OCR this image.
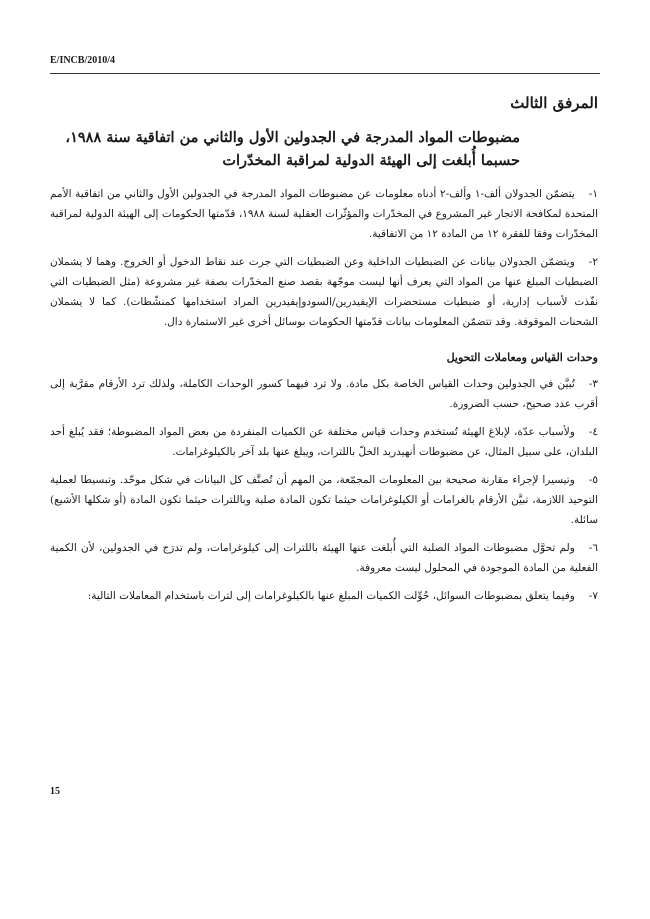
E/INCB/2010/4
المرفق الثالث
مضبوطات المواد المدرجة في الجدولين الأول والثاني من اتفاقية سنة ١٩٨٨، حسبما أُبلغت إلى الهيئة الدولية لمراقبة المخدّرات

١-يتضمّن الجدولان ألف-١ وألف-٢ أدناه معلومات عن مضبوطات المواد المدرجة في الجدولين الأول والثاني من اتفاقية الأمم المتحدة لمكافحة الاتجار غير المشروع في المخدّرات والمؤثّرات العقلية لسنة ١٩٨٨، قدّمتها الحكومات إلى الهيئة الدولية لمراقبة المخدّرات وفقا للفقرة ١٢ من المادة ١٢ من الاتفاقية.

٢-ويتضمّن الجدولان بيانات عن الضبطيات الداخلية وعن الضبطيات التي جرت عند نقاط الدخول أو الخروج. وهما لا يشملان الضبطيات المبلغ عنها من المواد التي يعرف أنها ليست موجّهة بقصد صنع المخدّرات بصفة غير مشروعة (مثل الضبطيات التي نفّذت لأسباب إدارية، أو ضبطيات مستحضرات الإيفيدرين/السودوإيفيدرين المراد استخدامها كمنشّطات). كما لا يشملان الشحنات الموقوفة. وقد تتضمّن المعلومات بيانات قدّمتها الحكومات بوسائل أخرى غير الاستمارة دال.

وحدات القياس ومعاملات التحويل

٣-تُبيَّن في الجدولين وحدات القياس الخاصة بكل مادة. ولا ترد فيهما كسور الوحدات الكاملة، ولذلك ترد الأرقام مقرَّبة إلى أقرب عدد صحيح، حسب الضرورة.

٤-ولأسباب عدّة، لإبلاغ الهيئة تُستخدم وحدات قياس مختلفة عن الكميات المنفردة من بعض المواد المضبوطة؛ فقد يُبلغ أحد البلدان، على سبيل المثال، عن مضبوطات أنهيدريد الخلّ باللترات، ويبلغ عنها بلد آخر بالكيلوغرامات.

٥-وتيسيرا لإجراء مقارنة صحيحة بين المعلومات المجمّعة، من المهم أن تُصنَّف كل البيانات في شكل موحّد. وتبسيطا لعملية التوحيد اللازمة، تبيَّن الأرقام بالغرامات أو الكيلوغرامات حيثما تكون المادة صلبة وباللترات حيثما تكون المادة (أو شكلها الأشيع) سائلة.

٦-ولم تحوَّل مضبوطات المواد الصلبة التي أُبلغت عنها الهيئة باللترات إلى كيلوغرامات، ولم تدرَج في الجدولين، لأن الكمية الفعلية من المادة الموجودة في المحلول ليست معروفة.

٧-وفيما يتعلق بمضبوطات السوائل، حُوِّلت الكميات المبلغ عنها بالكيلوغرامات إلى لترات باستخدام المعاملات التالية:

15
